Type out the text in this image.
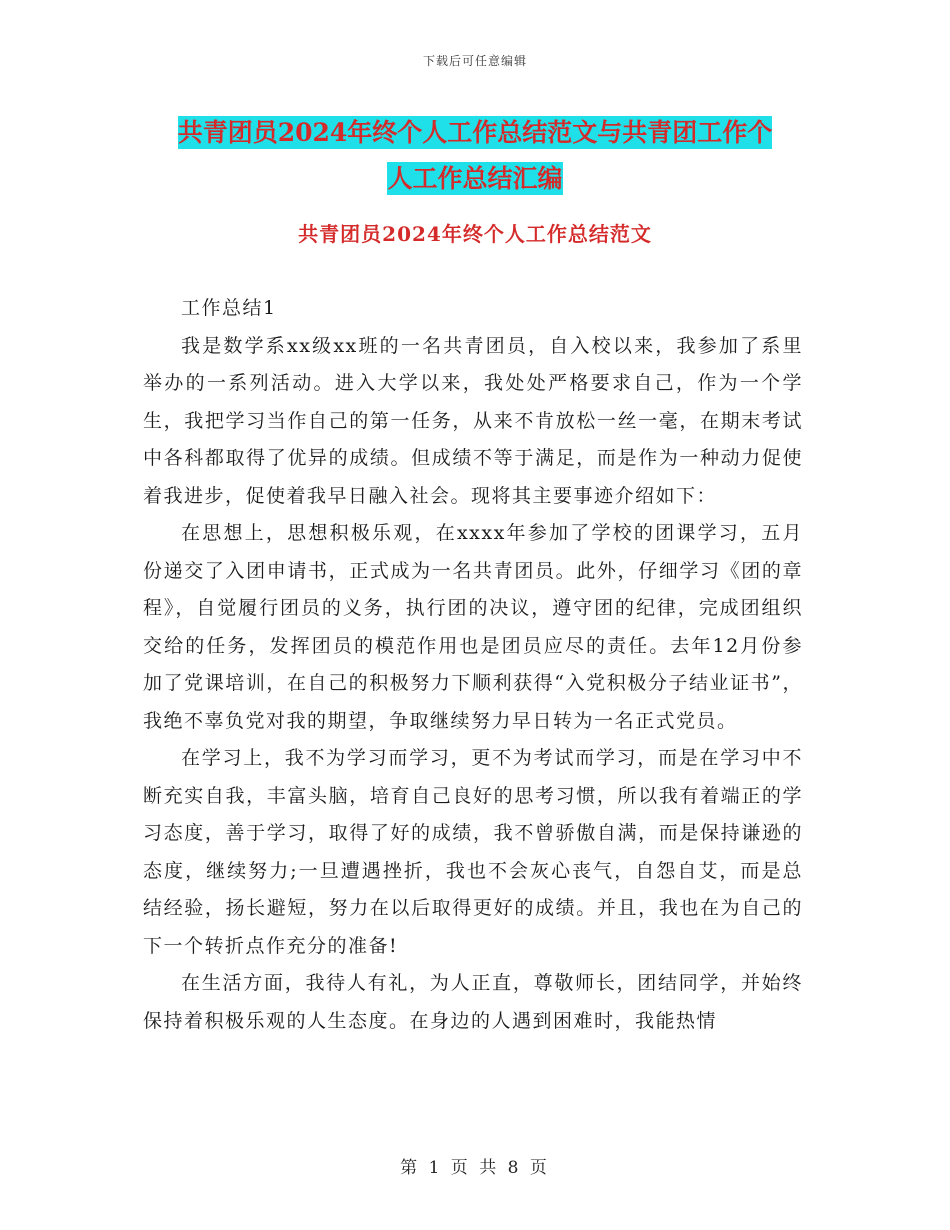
下载后可任意编辑
共青团员2024年终个人工作总结范文与共青团工作个
人工作总结汇编
共青团员2024年终个人工作总结范文

工作总结1

我是数学系xx级xx班的一名共青团员，自入校以来，我参加了系里举办的一系列活动。进入大学以来，我处处严格要求自己，作为一个学生，我把学习当作自己的第一任务，从来不肯放松一丝一毫，在期末考试中各科都取得了优异的成绩。但成绩不等于满足，而是作为一种动力促使着我进步，促使着我早日融入社会。现将其主要事迹介绍如下：

在思想上，思想积极乐观，在xxxx年参加了学校的团课学习，五月份递交了入团申请书，正式成为一名共青团员。此外，仔细学习《团的章程》，自觉履行团员的义务，执行团的决议，遵守团的纪律，完成团组织交给的任务，发挥团员的模范作用也是团员应尽的责任。去年12月份参加了党课培训，在自己的积极努力下顺利获得“入党积极分子结业证书”，我绝不辜负党对我的期望，争取继续努力早日转为一名正式党员。

在学习上，我不为学习而学习，更不为考试而学习，而是在学习中不断充实自我，丰富头脑，培育自己良好的思考习惯，所以我有着端正的学习态度，善于学习，取得了好的成绩，我不曾骄傲自满，而是保持谦逊的态度，继续努力;一旦遭遇挫折，我也不会灰心丧气，自怨自艾，而是总结经验，扬长避短，努力在以后取得更好的成绩。并且，我也在为自己的下一个转折点作充分的准备!

在生活方面，我待人有礼，为人正直，尊敬师长，团结同学，并始终保持着积极乐观的人生态度。在身边的人遇到困难时，我能热情

第 1 页 共 8 页
